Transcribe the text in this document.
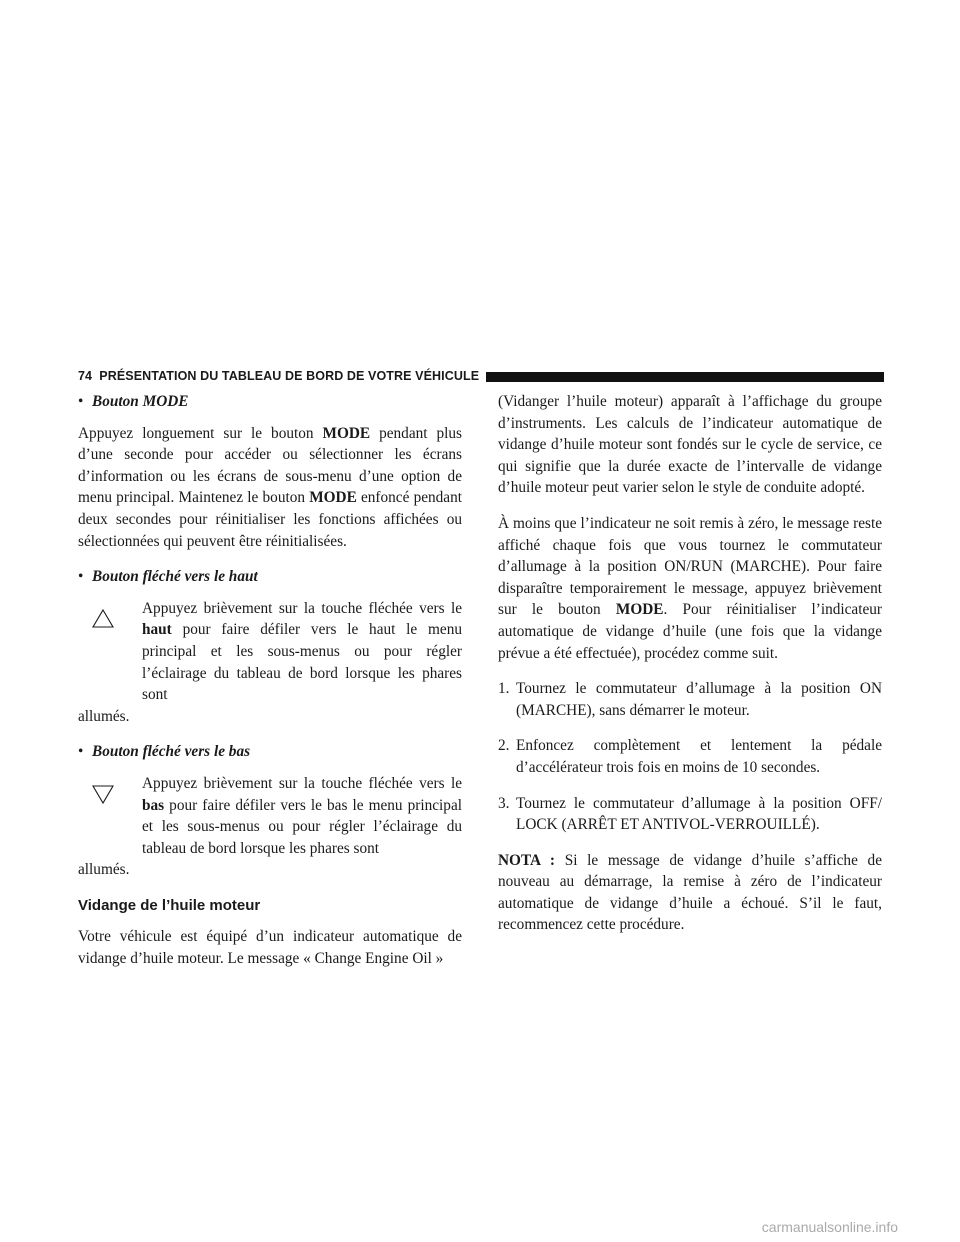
74 PRÉSENTATION DU TABLEAU DE BORD DE VOTRE VÉHICULE
• Bouton MODE

Appuyez longuement sur le bouton MODE pendant plus d’une seconde pour accéder ou sélectionner les écrans d’information ou les écrans de sous-menu d’une option de menu principal. Maintenez le bouton MODE enfoncé pendant deux secondes pour réinitialiser les fonctions affichées ou sélectionnées qui peuvent être réinitialisées.

• Bouton fléché vers le haut

Appuyez brièvement sur la touche fléchée vers le haut pour faire défiler vers le haut le menu principal et les sous-menus ou pour régler l’éclairage du tableau de bord lorsque les phares sont

allumés.

• Bouton fléché vers le bas

Appuyez brièvement sur la touche fléchée vers le bas pour faire défiler vers le bas le menu principal et les sous-menus ou pour régler l’éclairage du tableau de bord lorsque les phares sont

allumés.

Vidange de l’huile moteur

Votre véhicule est équipé d’un indicateur automatique de vidange d’huile moteur. Le message « Change Engine Oil »

(Vidanger l’huile moteur) apparaît à l’affichage du groupe d’instruments. Les calculs de l’indicateur automatique de vidange d’huile moteur sont fondés sur le cycle de service, ce qui signifie que la durée exacte de l’intervalle de vidange d’huile moteur peut varier selon le style de conduite adopté.

À moins que l’indicateur ne soit remis à zéro, le message reste affiché chaque fois que vous tournez le commutateur d’allumage à la position ON/RUN (MARCHE). Pour faire disparaître temporairement le message, appuyez brièvement sur le bouton MODE. Pour réinitialiser l’indicateur automatique de vidange d’huile (une fois que la vidange prévue a été effectuée), procédez comme suit.

1. Tournez le commutateur d’allumage à la position ON (MARCHE), sans démarrer le moteur.
2. Enfoncez complètement et lentement la pédale d’accélérateur trois fois en moins de 10 secondes.
3. Tournez le commutateur d’allumage à la position OFF/ LOCK (ARRÊT ET ANTIVOL-VERROUILLÉ).

NOTA : Si le message de vidange d’huile s’affiche de nouveau au démarrage, la remise à zéro de l’indicateur automatique de vidange d’huile a échoué. S’il le faut, recommencez cette procédure.

carmanualsonline.info
